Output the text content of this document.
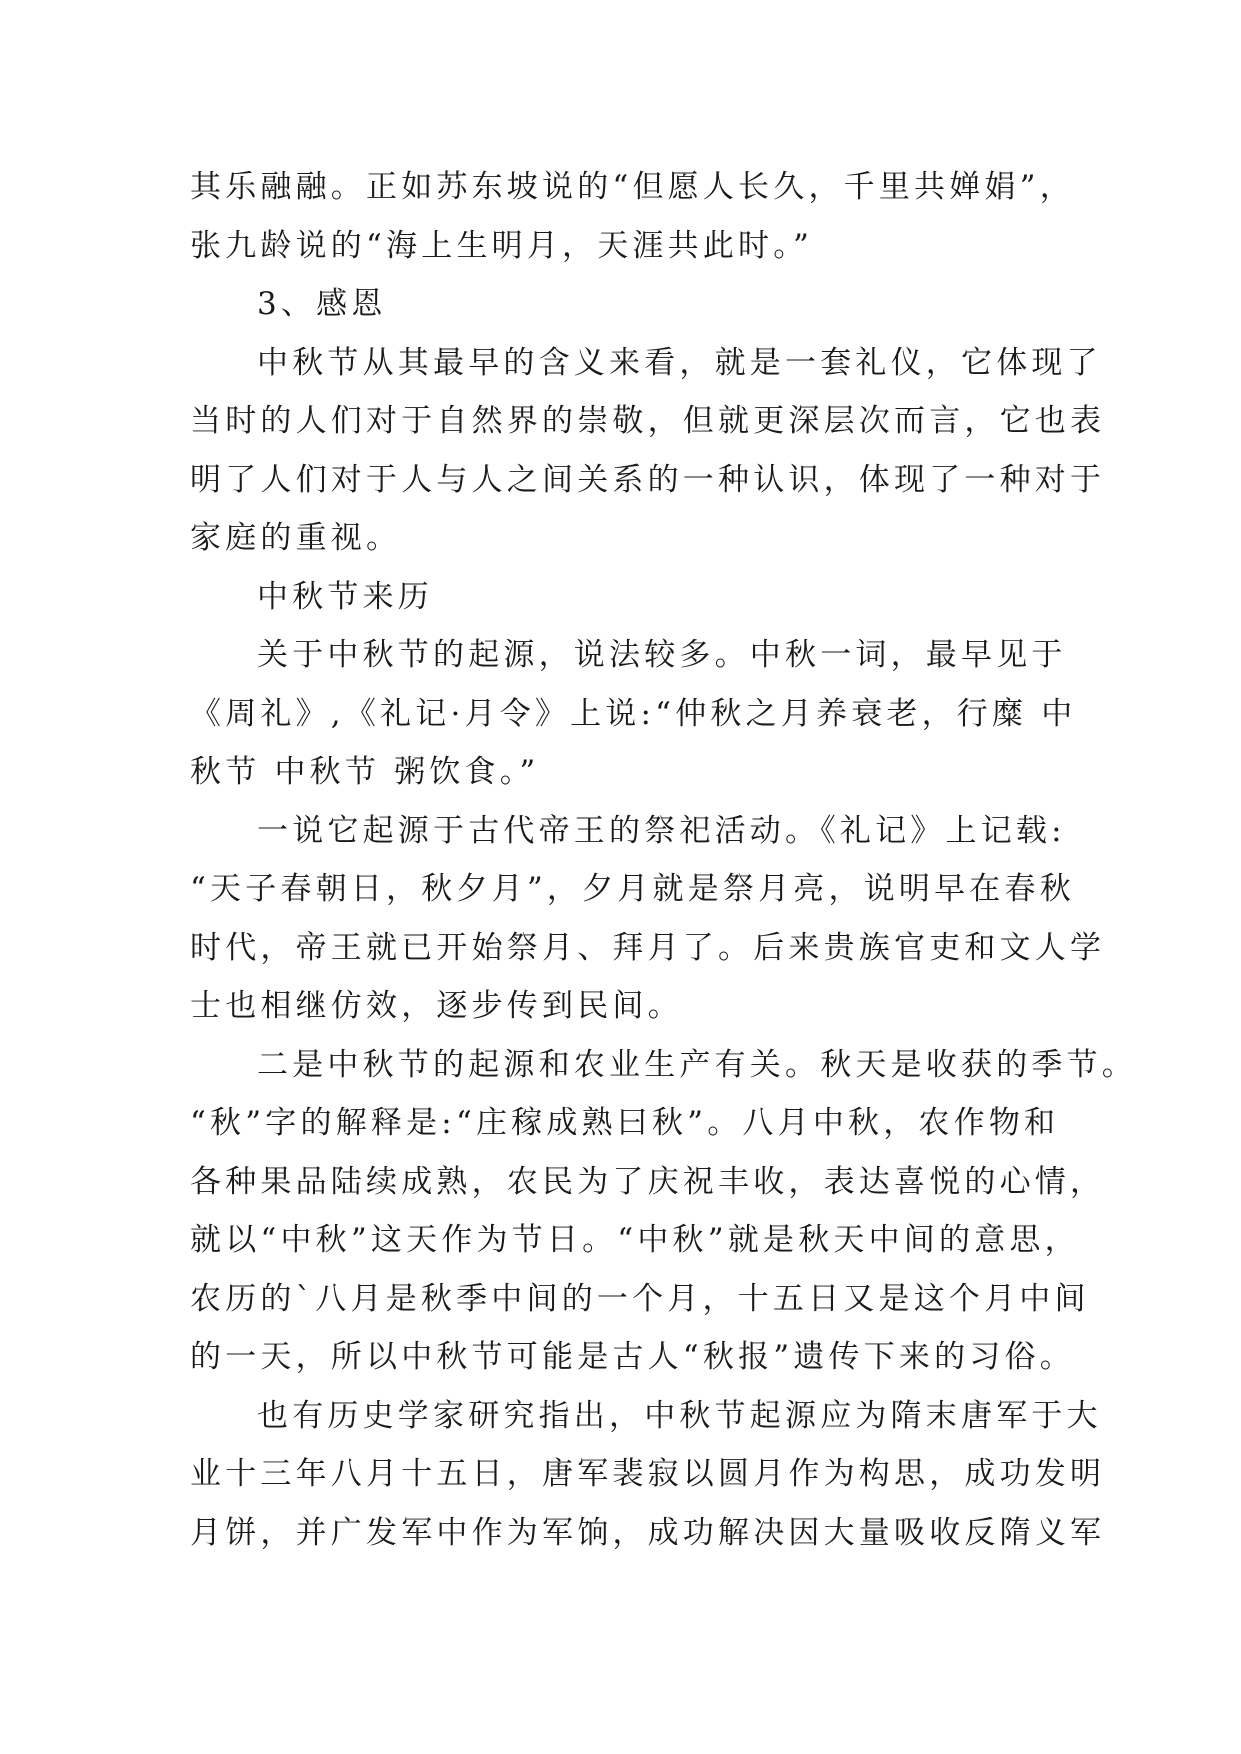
其乐融融。正如苏东坡说的“但愿人长久，千里共婵娟”，
张九龄说的“海上生明月，天涯共此时。”
3、感恩
中秋节从其最早的含义来看，就是一套礼仪，它体现了
当时的人们对于自然界的崇敬，但就更深层次而言，它也表
明了人们对于人与人之间关系的一种认识，体现了一种对于
家庭的重视。
中秋节来历
关于中秋节的起源，说法较多。中秋一词，最早见于
《周礼》,《礼记·月令》上说:“仲秋之月养衰老，行糜 中
秋节 中秋节 粥饮食。”
一说它起源于古代帝王的祭祀活动。《礼记》上记载:
“天子春朝日，秋夕月”，夕月就是祭月亮，说明早在春秋
时代，帝王就已开始祭月、拜月了。后来贵族官吏和文人学
士也相继仿效，逐步传到民间。
二是中秋节的起源和农业生产有关。秋天是收获的季节。
“秋”字的解释是:“庄稼成熟曰秋”。八月中秋，农作物和
各种果品陆续成熟，农民为了庆祝丰收，表达喜悦的心情，
就以“中秋”这天作为节日。“中秋”就是秋天中间的意思，
农历的`八月是秋季中间的一个月，十五日又是这个月中间
的一天，所以中秋节可能是古人“秋报”遗传下来的习俗。
也有历史学家研究指出，中秋节起源应为隋末唐军于大
业十三年八月十五日，唐军裴寂以圆月作为构思，成功发明
月饼，并广发军中作为军饷，成功解决因大量吸收反隋义军
